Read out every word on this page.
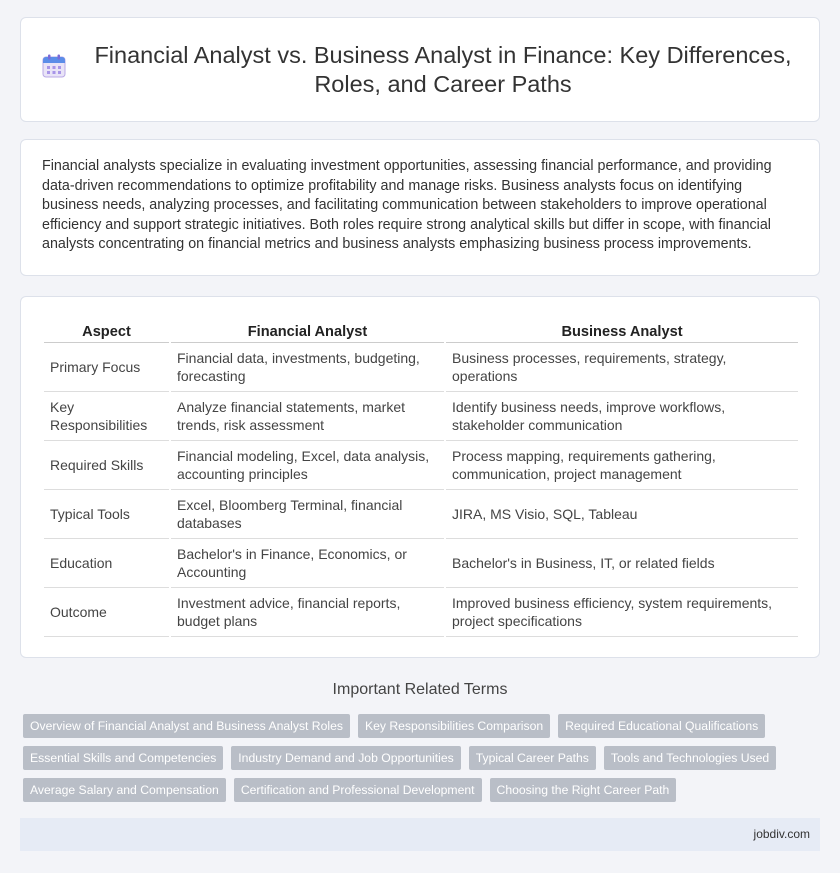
Financial Analyst vs. Business Analyst in Finance: Key Differences, Roles, and Career Paths

Financial analysts specialize in evaluating investment opportunities, assessing financial performance, and providing data-driven recommendations to optimize profitability and manage risks. Business analysts focus on identifying business needs, analyzing processes, and facilitating communication between stakeholders to improve operational efficiency and support strategic initiatives. Both roles require strong analytical skills but differ in scope, with financial analysts concentrating on financial metrics and business analysts emphasizing business process improvements.

Aspect	Financial Analyst	Business Analyst
Primary Focus	Financial data, investments, budgeting, forecasting	Business processes, requirements, strategy, operations
Key Responsibilities	Analyze financial statements, market trends, risk assessment	Identify business needs, improve workflows, stakeholder communication
Required Skills	Financial modeling, Excel, data analysis, accounting principles	Process mapping, requirements gathering, communication, project management
Typical Tools	Excel, Bloomberg Terminal, financial databases	JIRA, MS Visio, SQL, Tableau
Education	Bachelor's in Finance, Economics, or Accounting	Bachelor's in Business, IT, or related fields
Outcome	Investment advice, financial reports, budget plans	Improved business efficiency, system requirements, project specifications
Important Related Terms
Overview of Financial Analyst and Business Analyst Roles	Key Responsibilities Comparison	Required Educational Qualifications
Essential Skills and Competencies	Industry Demand and Job Opportunities	Typical Career Paths	Tools and Technologies Used
Average Salary and Compensation	Certification and Professional Development	Choosing the Right Career Path
jobdiv.com
